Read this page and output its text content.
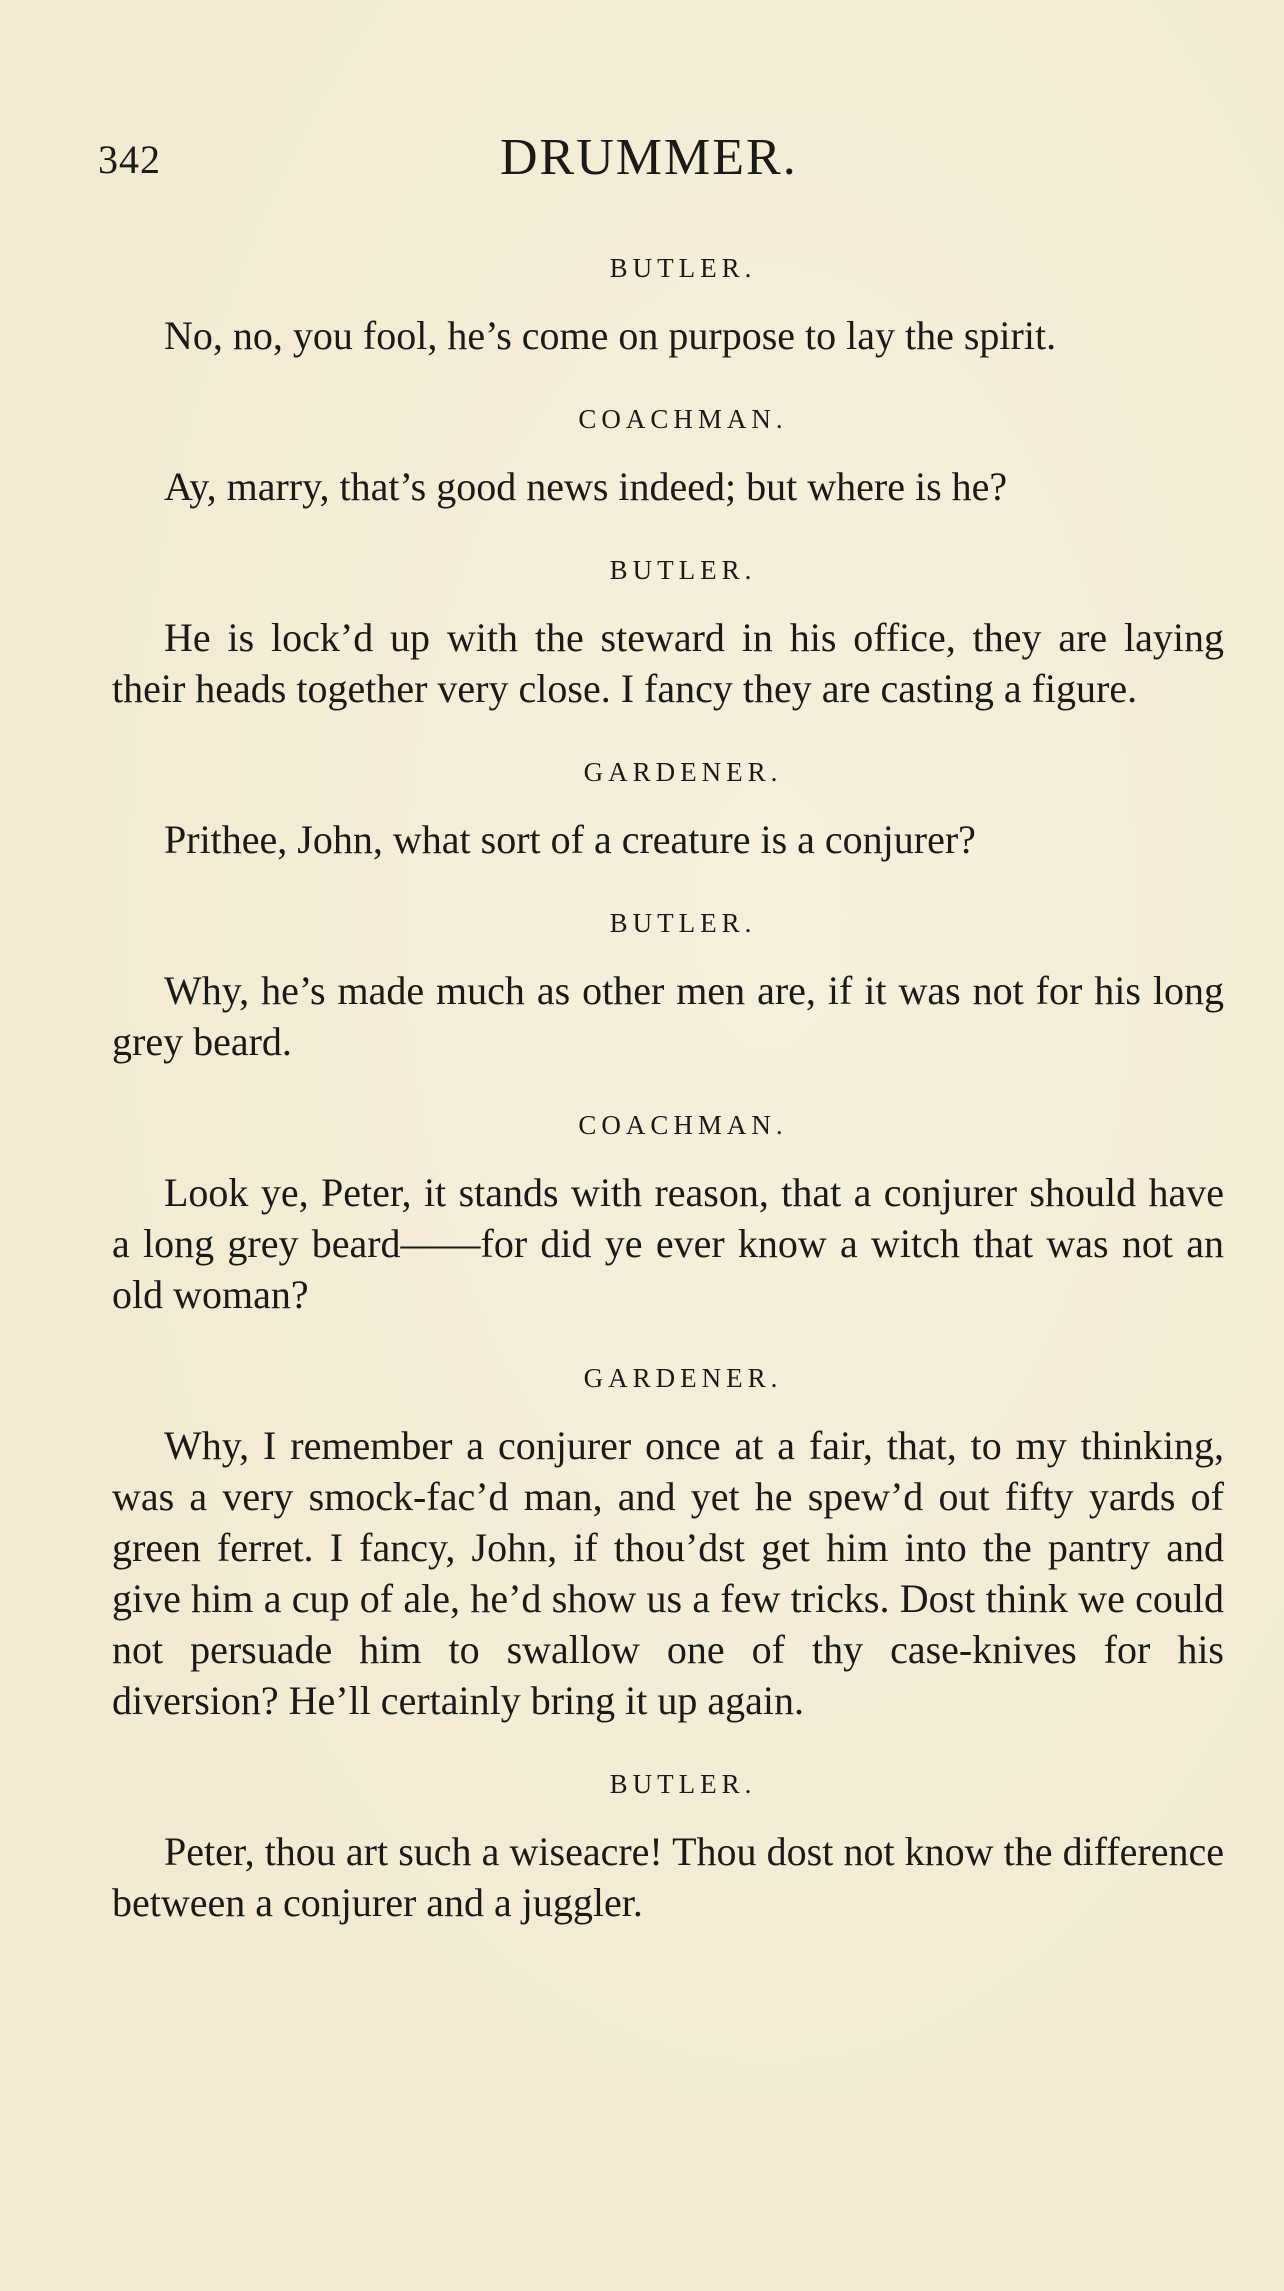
342	DRUMMER.
BUTLER.

No, no, you fool, he’s come on purpose to lay the spirit.

COACHMAN.

Ay, marry, that’s good news indeed; but where is he?

BUTLER.

He is lock’d up with the steward in his office, they are laying their heads together very close. I fancy they are casting a figure.

GARDENER.

Prithee, John, what sort of a creature is a conjurer?

BUTLER.

Why, he’s made much as other men are, if it was not for his long grey beard.

COACHMAN.

Look ye, Peter, it stands with reason, that a conjurer should have a long grey beard——for did ye ever know a witch that was not an old woman?

GARDENER.

Why, I remember a conjurer once at a fair, that, to my thinking, was a very smock-fac’d man, and yet he spew’d out fifty yards of green ferret. I fancy, John, if thou’dst get him into the pantry and give him a cup of ale, he’d show us a few tricks. Dost think we could not persuade him to swallow one of thy case-knives for his diversion? He’ll certainly bring it up again.

BUTLER.

Peter, thou art such a wiseacre! Thou dost not know the difference between a conjurer and a juggler.
